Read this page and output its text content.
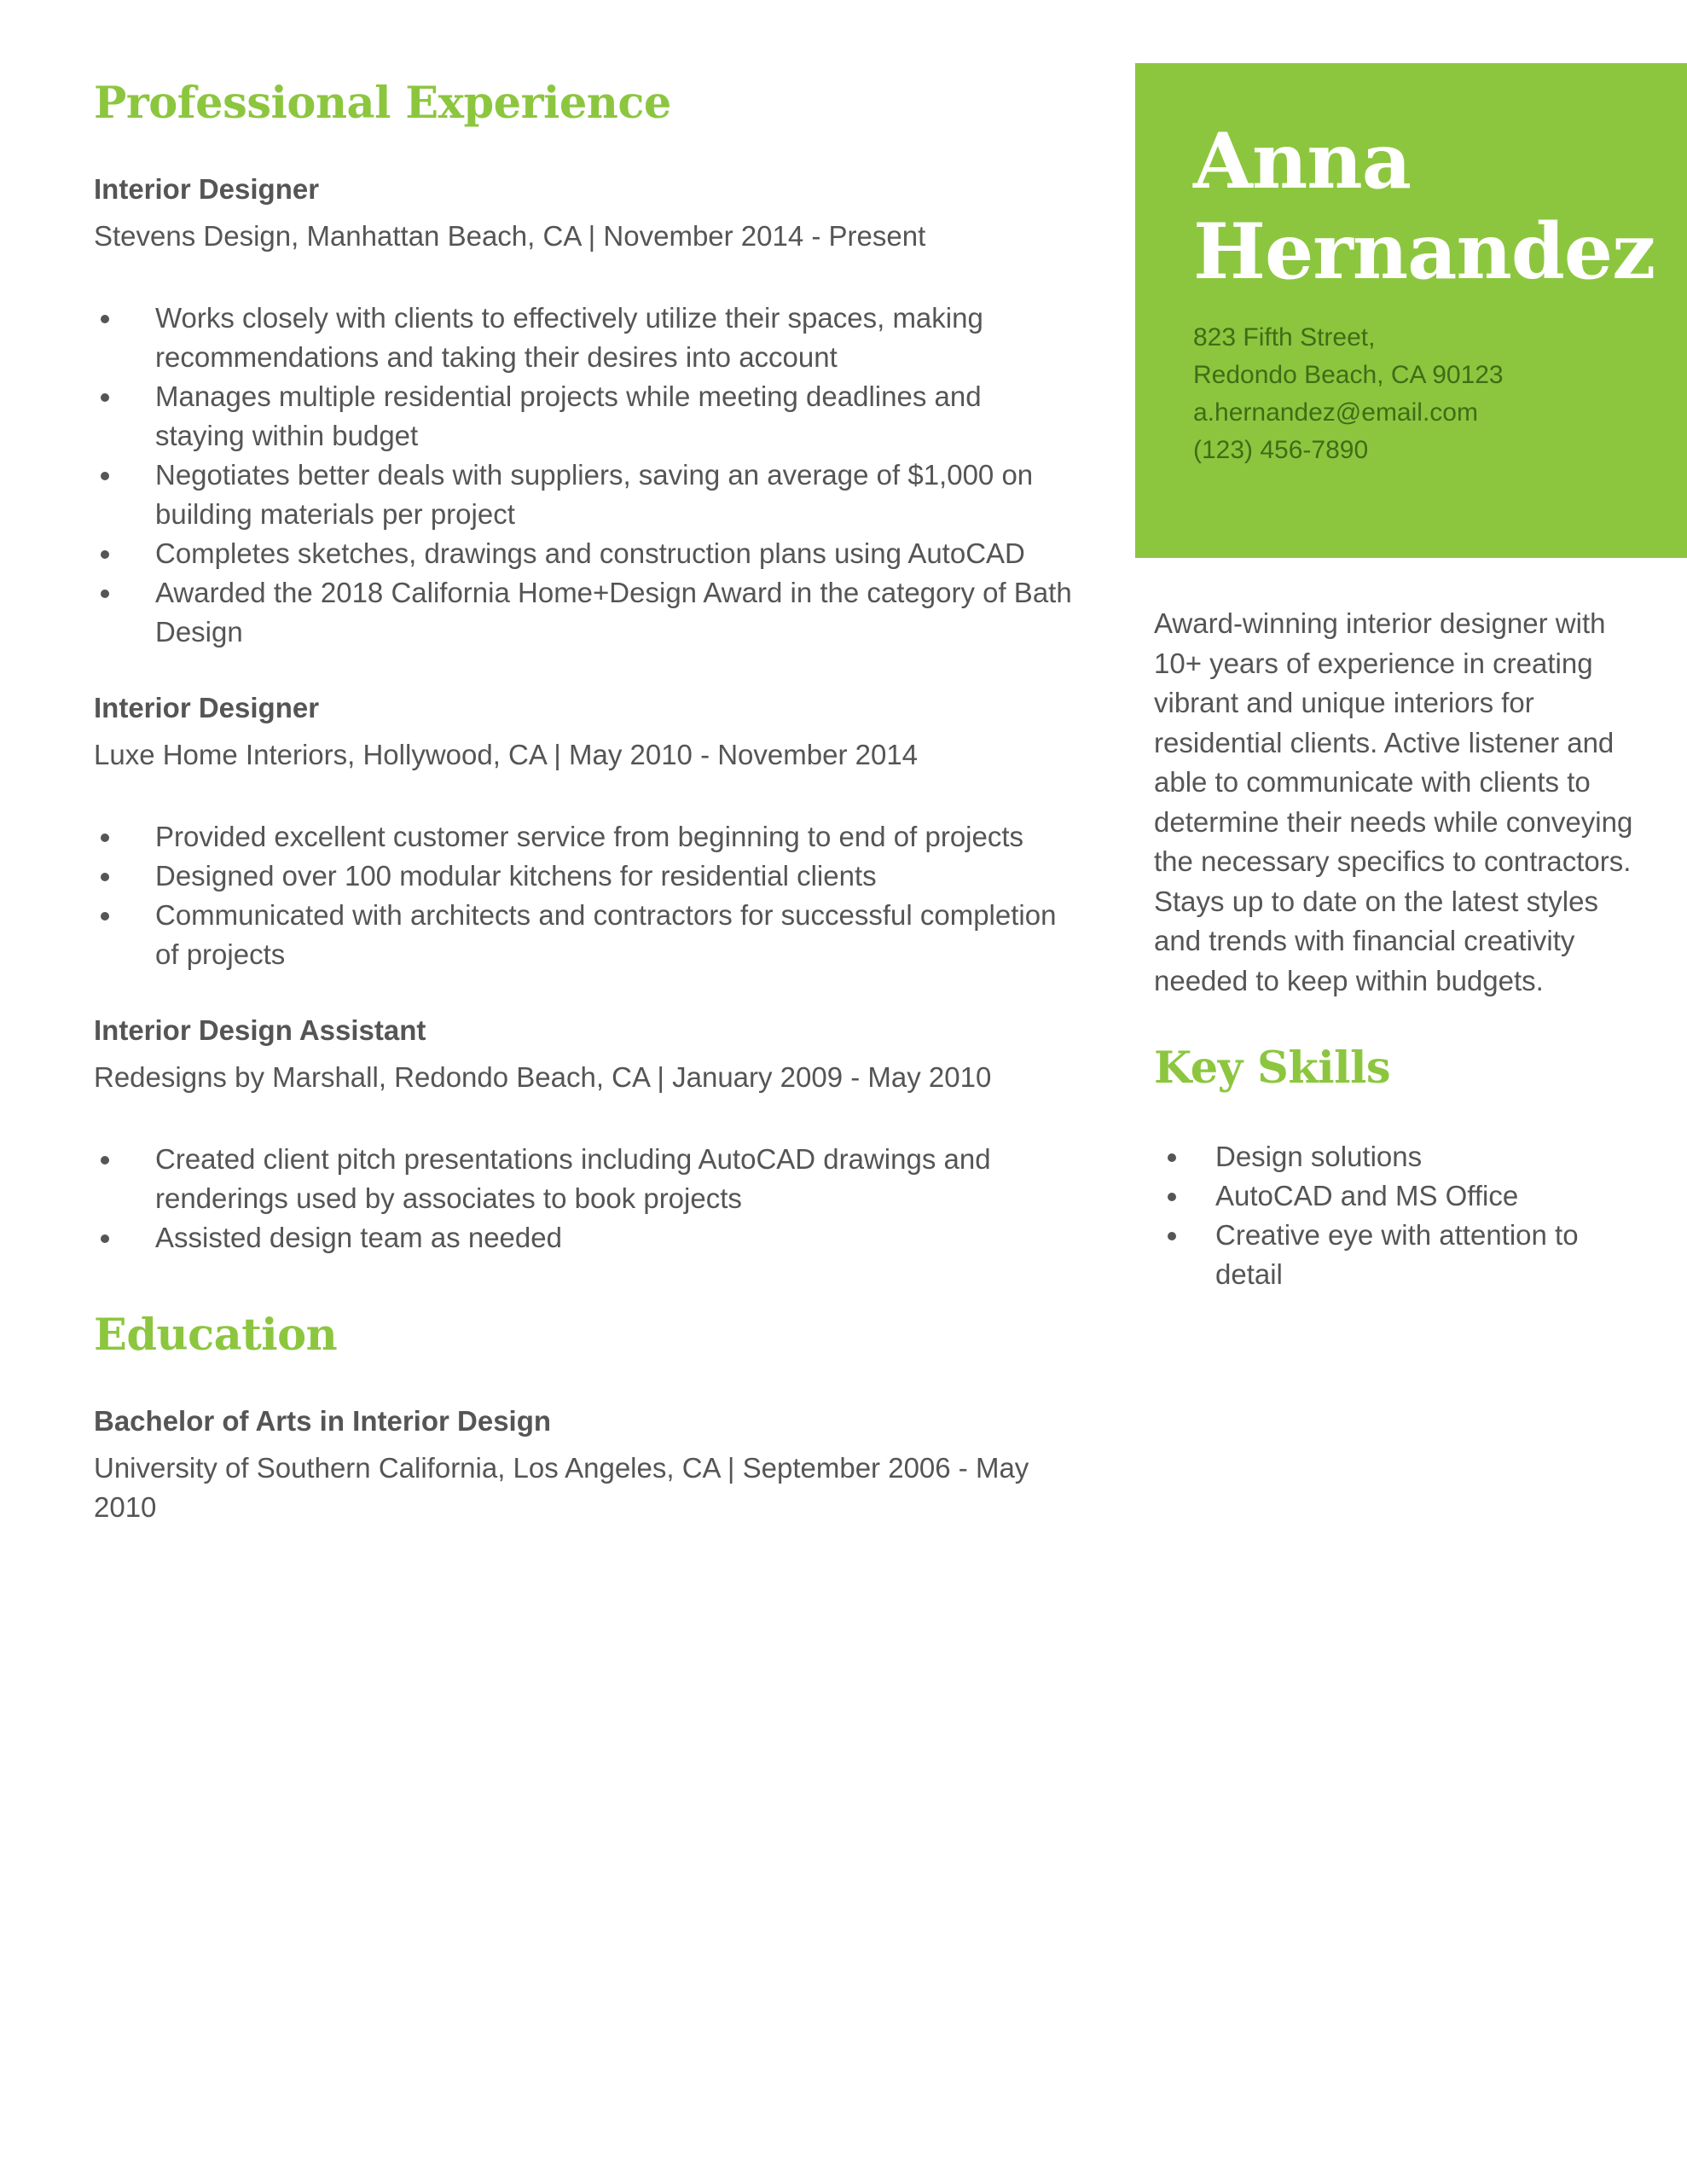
Professional Experience

Interior Designer

Stevens Design, Manhattan Beach, CA | November 2014 - Present

Works closely with clients to effectively utilize their spaces, making recommendations and taking their desires into account
Manages multiple residential projects while meeting deadlines and staying within budget
Negotiates better deals with suppliers, saving an average of $1,000 on building materials per project
Completes sketches, drawings and construction plans using AutoCAD
Awarded the 2018 California Home+Design Award in the category of Bath Design

Interior Designer

Luxe Home Interiors, Hollywood, CA | May 2010 - November 2014

Provided excellent customer service from beginning to end of projects
Designed over 100 modular kitchens for residential clients
Communicated with architects and contractors for successful completion of projects

Interior Design Assistant

Redesigns by Marshall, Redondo Beach, CA | January 2009 - May 2010

Created client pitch presentations including AutoCAD drawings and renderings used by associates to book projects
Assisted design team as needed
Education

Bachelor of Arts in Interior Design

University of Southern California, Los Angeles, CA | September 2006 - May 2010

Anna
Hernandez
823 Fifth Street,
Redondo Beach, CA 90123
a.hernandez@email.com
(123) 456-7890

Award-winning interior designer with 10+ years of experience in creating vibrant and unique interiors for residential clients. Active listener and able to communicate with clients to determine their needs while conveying the necessary specifics to contractors. Stays up to date on the latest styles and trends with financial creativity needed to keep within budgets.

Key Skills
Design solutions
AutoCAD and MS Office
Creative eye with attention to detail
